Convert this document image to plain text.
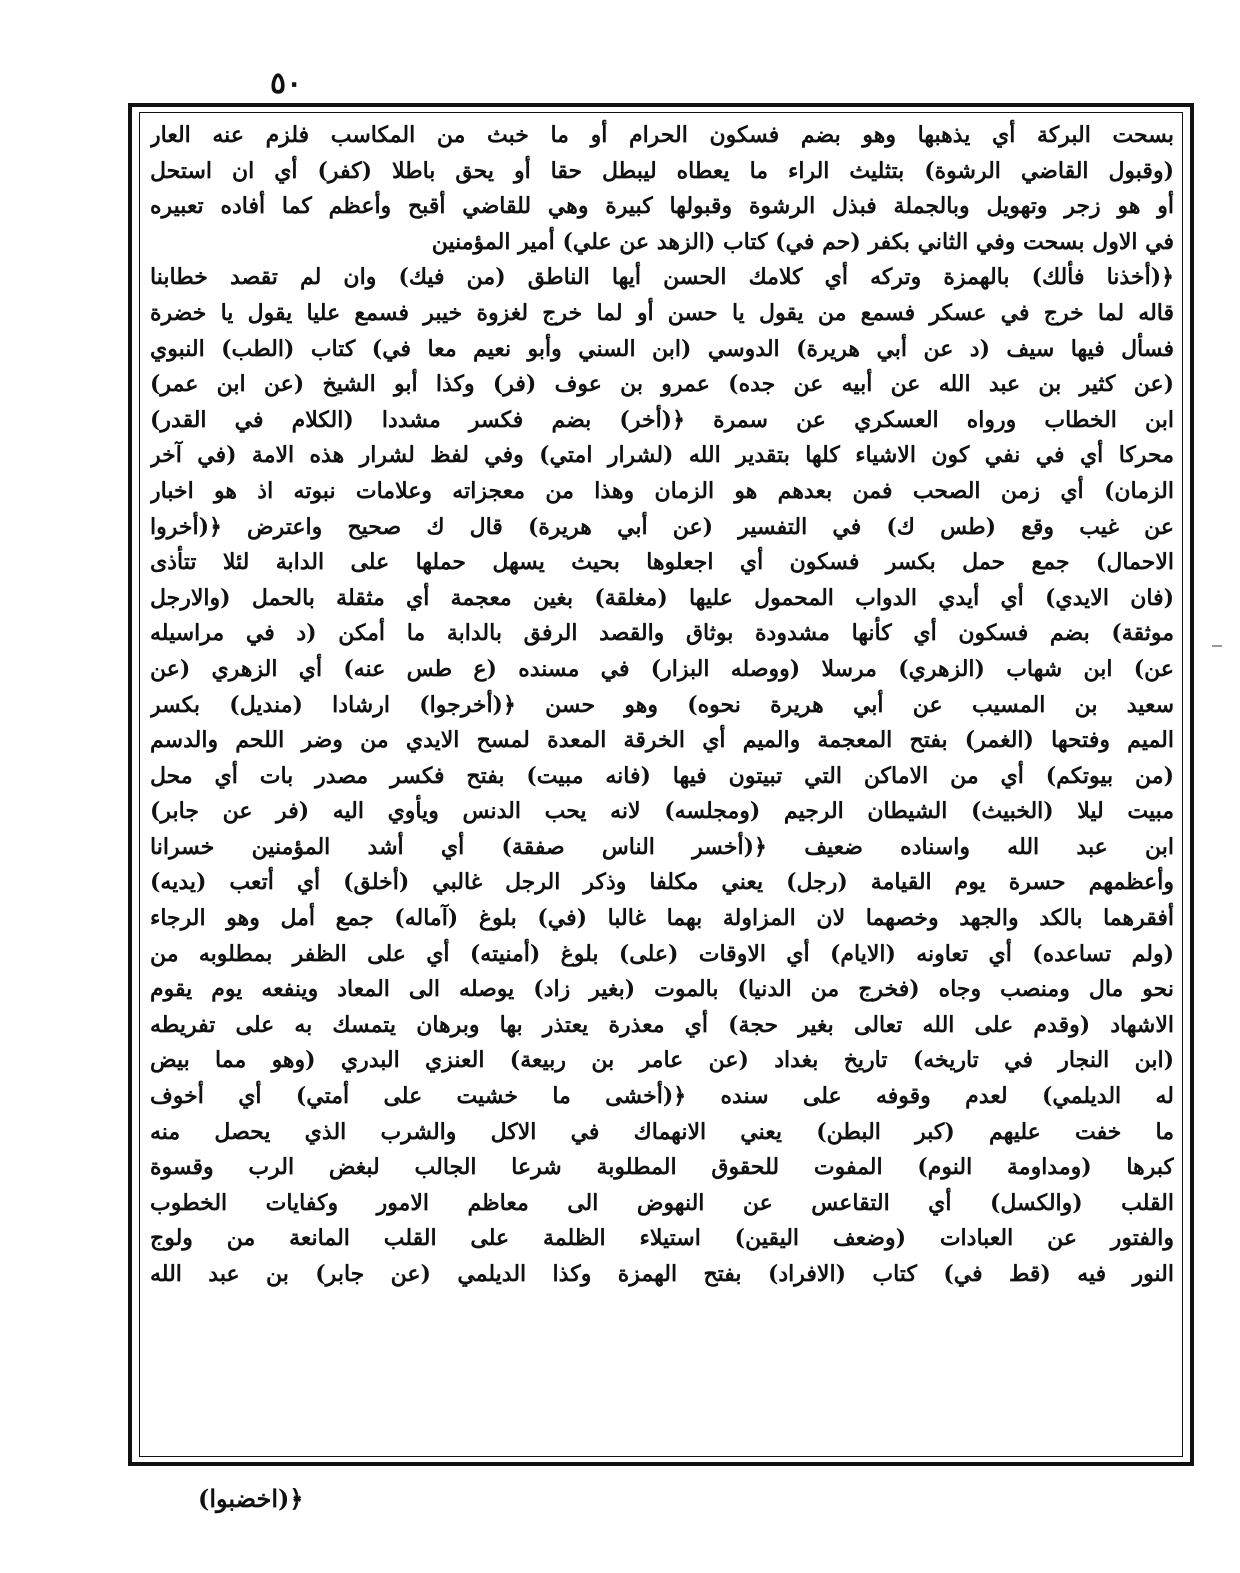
٥٠
بسحت البركة أي يذهبها وهو بضم فسكون الحرام أو ما خبث من المكاسب فلزم عنه العار
(وقبول القاضي الرشوة) بتثليث الراء ما يعطاه ليبطل حقا أو يحق باطلا (كفر) أي ان استحل
أو هو زجر وتهويل وبالجملة فبذل الرشوة وقبولها كبيرة وهي للقاضي أقبح وأعظم كما أفاده تعبيره
في الاول بسحت وفي الثاني بكفر (حم في) كتاب (الزهد عن علي) أمير المؤمنين
﴿(أخذنا فألك) بالهمزة وتركه أي كلامك الحسن أيها الناطق (من فيك) وان لم تقصد خطابنا
قاله لما خرج في عسكر فسمع من يقول يا حسن أو لما خرج لغزوة خيبر فسمع عليا يقول يا خضرة
فسأل فيها سيف (د عن أبي هريرة) الدوسي (ابن السني وأبو نعيم معا في) كتاب (الطب) النبوي
(عن كثير بن عبد الله عن أبيه عن جده) عمرو بن عوف (فر) وكذا أبو الشيخ (عن ابن عمر)
ابن الخطاب ورواه العسكري عن سمرة ﴿(أخر) بضم فكسر مشددا (الكلام في القدر)
محركا أي في نفي كون الاشياء كلها بتقدير الله (لشرار امتي) وفي لفظ لشرار هذه الامة (في آخر
الزمان) أي زمن الصحب فمن بعدهم هو الزمان وهذا من معجزاته وعلامات نبوته اذ هو اخبار
عن غيب وقع (طس ك) في التفسير (عن أبي هريرة) قال ك صحيح واعترض ﴿(أخروا
الاحمال) جمع حمل بكسر فسكون أي اجعلوها بحيث يسهل حملها على الدابة لئلا تتأذى
(فان الايدي) أي أيدي الدواب المحمول عليها (مغلقة) بغين معجمة أي مثقلة بالحمل (والارجل
موثقة) بضم فسكون أي كأنها مشدودة بوثاق والقصد الرفق بالدابة ما أمكن (د في مراسيله
عن) ابن شهاب (الزهري) مرسلا (ووصله البزار) في مسنده (ع طس عنه) أي الزهري (عن
سعيد بن المسيب عن أبي هريرة نحوه) وهو حسن ﴿(أخرجوا) ارشادا (منديل) بكسر
الميم وفتحها (الغمر) بفتح المعجمة والميم أي الخرقة المعدة لمسح الايدي من وضر اللحم والدسم
(من بيوتكم) أي من الاماكن التي تبيتون فيها (فانه مبيت) بفتح فكسر مصدر بات أي محل
مبيت ليلا (الخبيث) الشيطان الرجيم (ومجلسه) لانه يحب الدنس ويأوي اليه (فر عن جابر)
ابن عبد الله واسناده ضعيف ﴿(أخسر الناس صفقة) أي أشد المؤمنين خسرانا
وأعظمهم حسرة يوم القيامة (رجل) يعني مكلفا وذكر الرجل غالبي (أخلق) أي أتعب (يديه)
أفقرهما بالكد والجهد وخصهما لان المزاولة بهما غالبا (في) بلوغ (آماله) جمع أمل وهو الرجاء
(ولم تساعده) أي تعاونه (الايام) أي الاوقات (على) بلوغ (أمنيته) أي على الظفر بمطلوبه من
نحو مال ومنصب وجاه (فخرج من الدنيا) بالموت (بغير زاد) يوصله الى المعاد وينفعه يوم يقوم
الاشهاد (وقدم على الله تعالى بغير حجة) أي معذرة يعتذر بها وبرهان يتمسك به على تفريطه
(ابن النجار في تاريخه) تاريخ بغداد (عن عامر بن ربيعة) العنزي البدري (وهو مما بيض
له الديلمي) لعدم وقوفه على سنده ﴿(أخشى ما خشيت على أمتي) أي أخوف
ما خفت عليهم (كبر البطن) يعني الانهماك في الاكل والشرب الذي يحصل منه
كبرها (ومداومة النوم) المفوت للحقوق المطلوبة شرعا الجالب لبغض الرب وقسوة
القلب (والكسل) أي التقاعس عن النهوض الى معاظم الامور وكفايات الخطوب
والفتور عن العبادات (وضعف اليقين) استيلاء الظلمة على القلب المانعة من ولوج
النور فيه (قط في) كتاب (الافراد) بفتح الهمزة وكذا الديلمي (عن جابر) بن عبد الله
﴿(اخضبوا)
